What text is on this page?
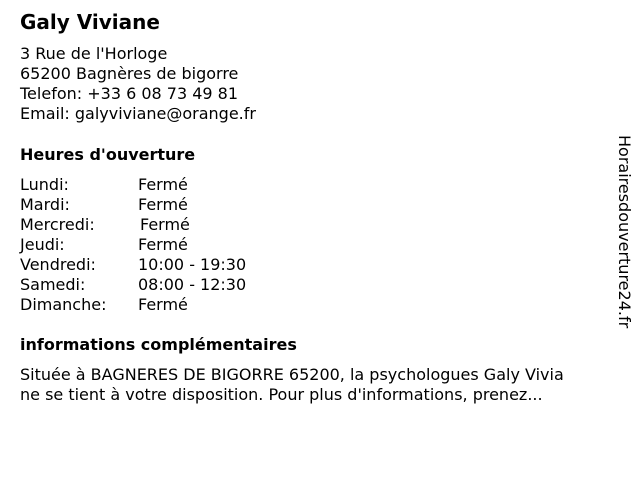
Galy Viviane
3 Rue de l'Horloge
65200 Bagnères de bigorre
Telefon: +33 6 08 73 49 81
Email: galyviviane@orange.fr
Heures d'ouverture
Lundi:	Fermé
Mardi:	Fermé
Mercredi:	Fermé
Jeudi:	Fermé
Vendredi:	10:00 - 19:30
Samedi:	08:00 - 12:30
Dimanche:	Fermé
informations complémentaires
Située à BAGNERES DE BIGORRE 65200, la psychologues Galy Vivia
ne se tient à votre disposition. Pour plus d'informations, prenez...
Horairesdouverture24.fr
